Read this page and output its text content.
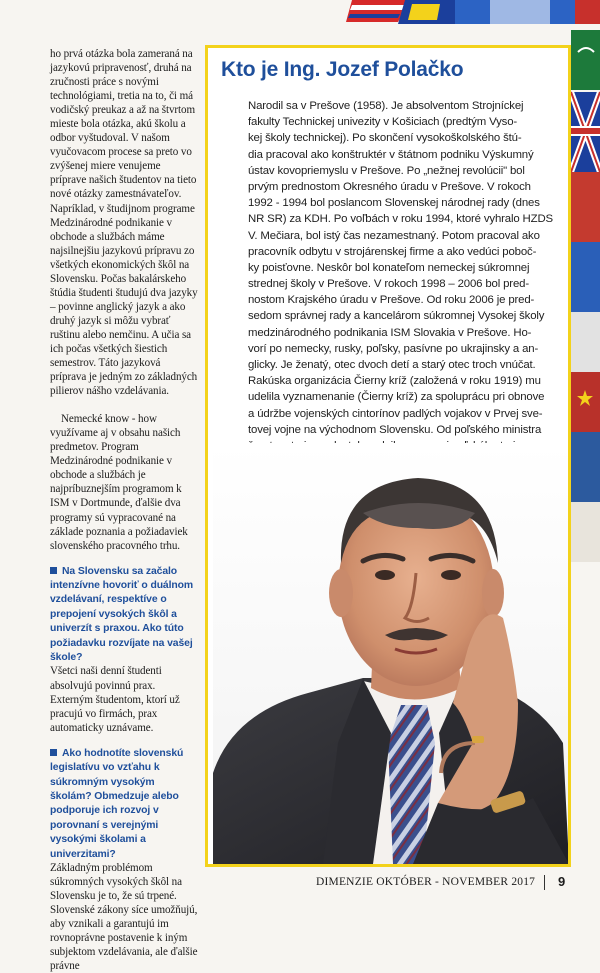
ho prvá otázka bola zameraná na jazykovú pripravenosť, druhá na zručnosti práce s novými technológiami, tretia na to, či má vodičský preukaz a až na štvrtom mieste bola otázka, akú školu a odbor vyštudoval. V našom vyučovacom procese sa preto vo zvýšenej miere venujeme príprave našich študentov na tieto nové otázky zamestnávateľov. Napríklad, v študijnom programe Medzinárodné podnikanie v obchode a službách máme najsilnejšiu jazykovú prípravu zo všetkých ekonomických škôl na Slovensku. Počas bakalárskeho štúdia študenti študujú dva jazyky – povinne anglický jazyk a ako druhý jazyk si môžu vybrať ruštinu alebo nemčinu. A učia sa ich počas všetkých šiestich semestrov. Táto jazyková príprava je jedným zo základných pilierov nášho vzdelávania.

Nemecké know - how využívame aj v obsahu našich predmetov. Program Medzinárodné podnikanie v obchode a službách je najpríbuznejším programom k ISM v Dortmunde, ďalšie dva programy sú vypracované na základe poznania a požiadaviek slovenského pracovného trhu.

Na Slovensku sa začalo intenzívne hovoriť o duálnom vzdelávaní, respektíve o prepojení vysokých škôl a univerzít s praxou. Ako túto požiadavku rozvíjate na vašej škole?

Všetci naši denní študenti absolvujú povinnú prax. Externým študentom, ktorí už pracujú vo firmách, prax automaticky uznávame.

Ako hodnotíte slovenskú legislatívu vo vzťahu k súkromným vysokým školám? Obmedzuje alebo podporuje ich rozvoj v porovnaní s verejnými vysokými školami a univerzitami?

Základným problémom súkromných vysokých škôl na Slovensku je to, že sú trpené. Slovenské zákony síce umožňujú, aby vznikali a garantujú im rovnoprávne postavenie k iným subjektom vzdelávania, ale ďalšie právne

Kto je Ing. Jozef Polačko
Narodil sa v Prešove (1958). Je absolventom Strojníckej
fakulty Technickej univezity v Košiciach (predtým Vyso-
kej školy technickej). Po skončení vysokoškolského štú-
dia pracoval ako konštruktér v štátnom podniku Výskumný
ústav kovopriemyslu v Prešove. Po „nežnej revolúcii" bol
prvým prednostom Okresného úradu v Prešove. V rokoch
1992 - 1994 bol poslancom Slovenskej národnej rady (dnes
NR SR) za KDH. Po voľbách v roku 1994, ktoré vyhralo HZDS
V. Mečiara, bol istý čas nezamestnaný. Potom pracoval ako
pracovník odbytu v strojárenskej firme a ako vedúci poboč-
ky poisťovne. Neskôr bol konateľom nemeckej súkromnej
strednej školy v Prešove. V rokoch 1998 – 2006 bol pred-
nostom Krajského úradu v Prešove. Od roku 2006 je pred-
sedom správnej rady a kancelárom súkromnej Vysokej školy
medzinárodného podnikania ISM Slovakia v Prešove. Ho-
vorí po nemecky, rusky, poľsky, pasívne po ukrajinsky a an-
glicky. Je ženatý, otec dvoch detí a starý otec troch vnúčat.
Rakúska organizácia Čierny kríž (založená v roku 1919) mu
udelila vyznamenanie (Čierny kríž) za spoluprácu pri obnove
a údržbe vojenských cintorínov padlých vojakov v Prvej sve-
tovej vojne na východnom Slovensku. Od poľského ministra
DIMENZIE OKTÓBER - NOVEMBER 2017 9
